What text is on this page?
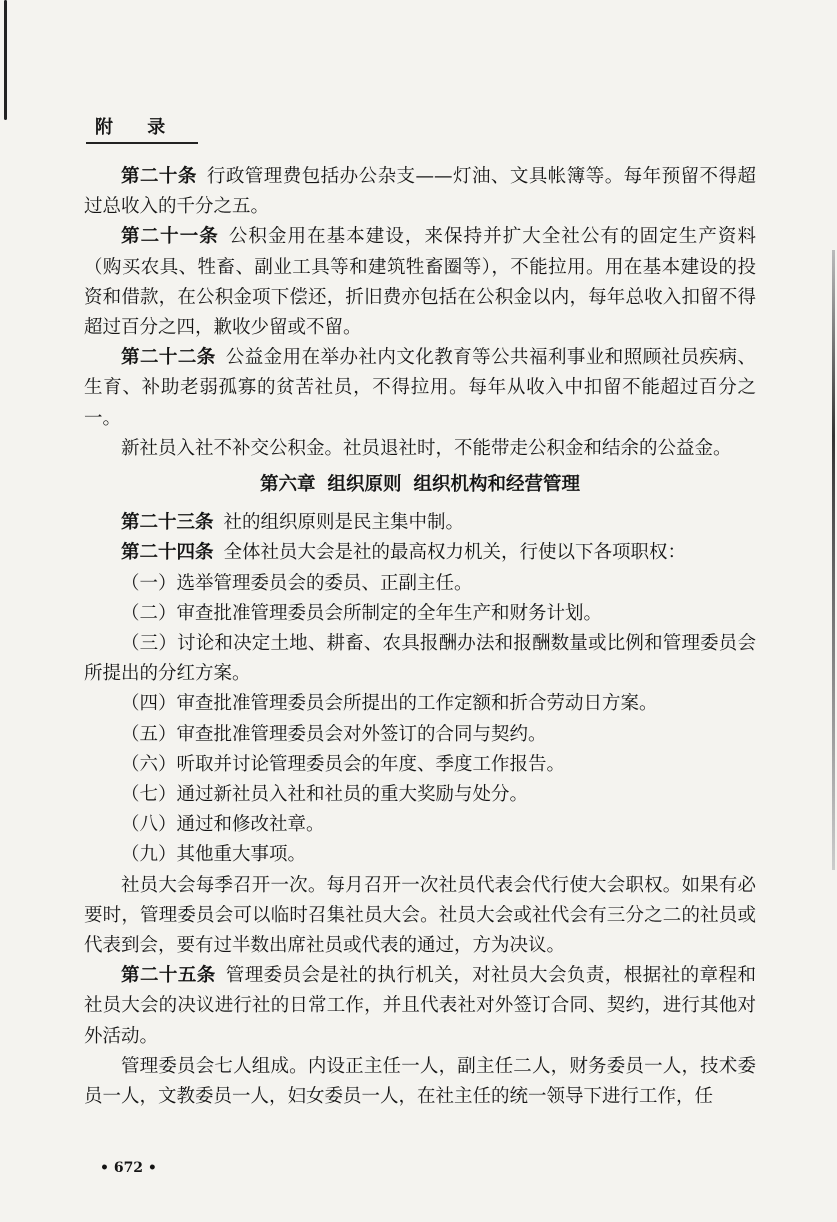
附 录

第二十条 行政管理费包括办公杂支——灯油、文具帐簿等。每年预留不得超过总收入的千分之五。

第二十一条 公积金用在基本建设，来保持并扩大全社公有的固定生产资料（购买农具、牲畜、副业工具等和建筑牲畜圈等），不能拉用。用在基本建设的投资和借款，在公积金项下偿还，折旧费亦包括在公积金以内，每年总收入扣留不得超过百分之四，歉收少留或不留。

第二十二条 公益金用在举办社内文化教育等公共福利事业和照顾社员疾病、生育、补助老弱孤寡的贫苦社员，不得拉用。每年从收入中扣留不能超过百分之一。

新社员入社不补交公积金。社员退社时，不能带走公积金和结余的公益金。

第六章 组织原则 组织机构和经营管理

第二十三条 社的组织原则是民主集中制。

第二十四条 全体社员大会是社的最高权力机关，行使以下各项职权：

（一）选举管理委员会的委员、正副主任。

（二）审查批准管理委员会所制定的全年生产和财务计划。

（三）讨论和决定土地、耕畜、农具报酬办法和报酬数量或比例和管理委员会所提出的分红方案。

（四）审查批准管理委员会所提出的工作定额和折合劳动日方案。

（五）审查批准管理委员会对外签订的合同与契约。

（六）听取并讨论管理委员会的年度、季度工作报告。

（七）通过新社员入社和社员的重大奖励与处分。

（八）通过和修改社章。

（九）其他重大事项。

社员大会每季召开一次。每月召开一次社员代表会代行使大会职权。如果有必要时，管理委员会可以临时召集社员大会。社员大会或社代会有三分之二的社员或代表到会，要有过半数出席社员或代表的通过，方为决议。

第二十五条 管理委员会是社的执行机关，对社员大会负责，根据社的章程和社员大会的决议进行社的日常工作，并且代表社对外签订合同、契约，进行其他对外活动。

管理委员会七人组成。内设正主任一人，副主任二人，财务委员一人，技术委员一人，文教委员一人，妇女委员一人，在社主任的统一领导下进行工作，任

• 672 •
